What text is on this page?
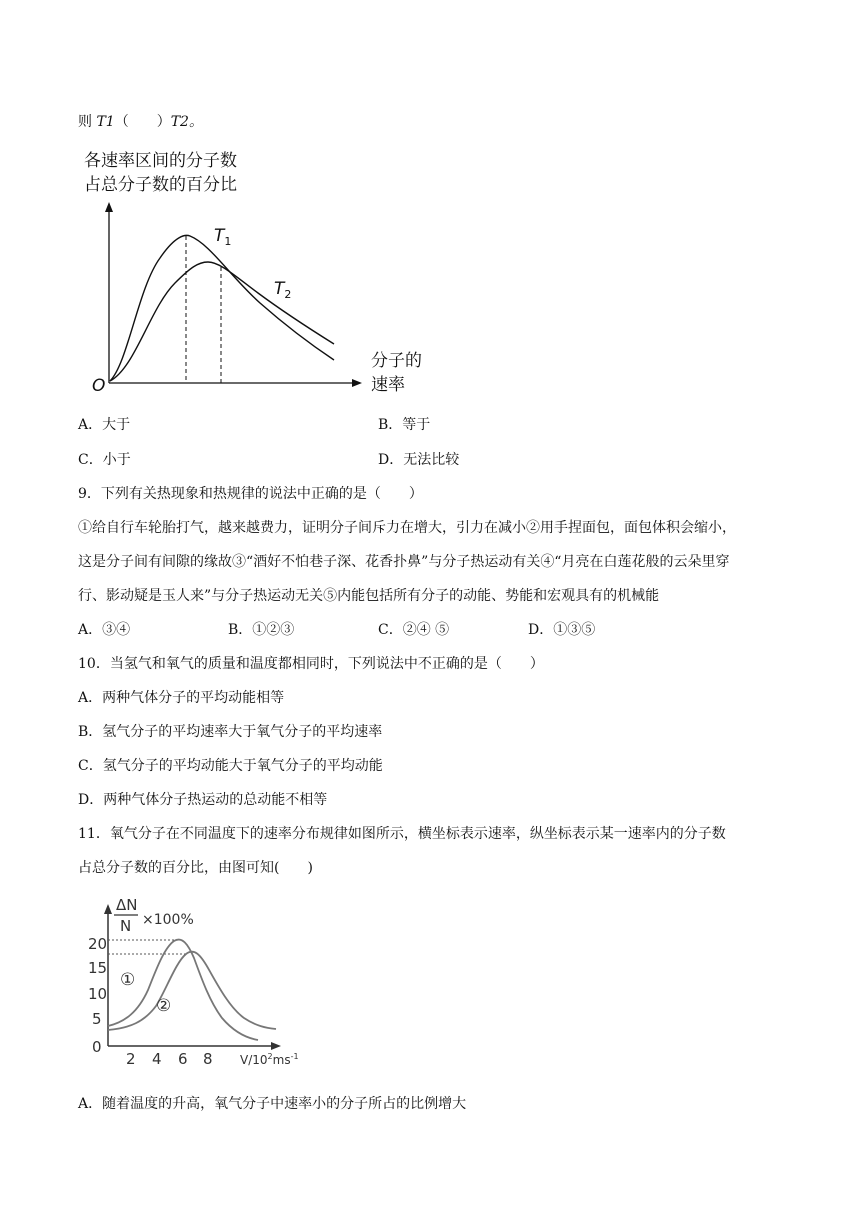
则 T1（　　）T2。
各速率区间的分子数
占总分子数的百分比
O
分子的
速率
$T_1$
$T_2$
A．大于	B．等于
C．小于	D．无法比较
9．下列有关热现象和热规律的说法中正确的是（　　）
①给自行车轮胎打气，越来越费力，证明分子间斥力在增大，引力在减小②用手捏面包，面包体积会缩小，
这是分子间有间隙的缘故③“酒好不怕巷子深、花香扑鼻”与分子热运动有关④“月亮在白莲花般的云朵里穿
行、影动疑是玉人来”与分子热运动无关⑤内能包括所有分子的动能、势能和宏观具有的机械能
A．③④	B．①②③	C．②④ ⑤	D．①③⑤
10．当氢气和氧气的质量和温度都相同时，下列说法中不正确的是（　　）
A．两种气体分子的平均动能相等
B．氢气分子的平均速率大于氧气分子的平均速率
C．氢气分子的平均动能大于氧气分子的平均动能
D．两种气体分子热运动的总动能不相等
11．氧气分子在不同温度下的速率分布规律如图所示，横坐标表示速率，纵坐标表示某一速率内的分子数
占总分子数的百分比，由图可知(　　)
ΔN
N ×100%
20
15
10
5
0
2 4 6 8 $V/10^2ms^{-1}$
①
②
A．随着温度的升高，氧气分子中速率小的分子所占的比例增大
